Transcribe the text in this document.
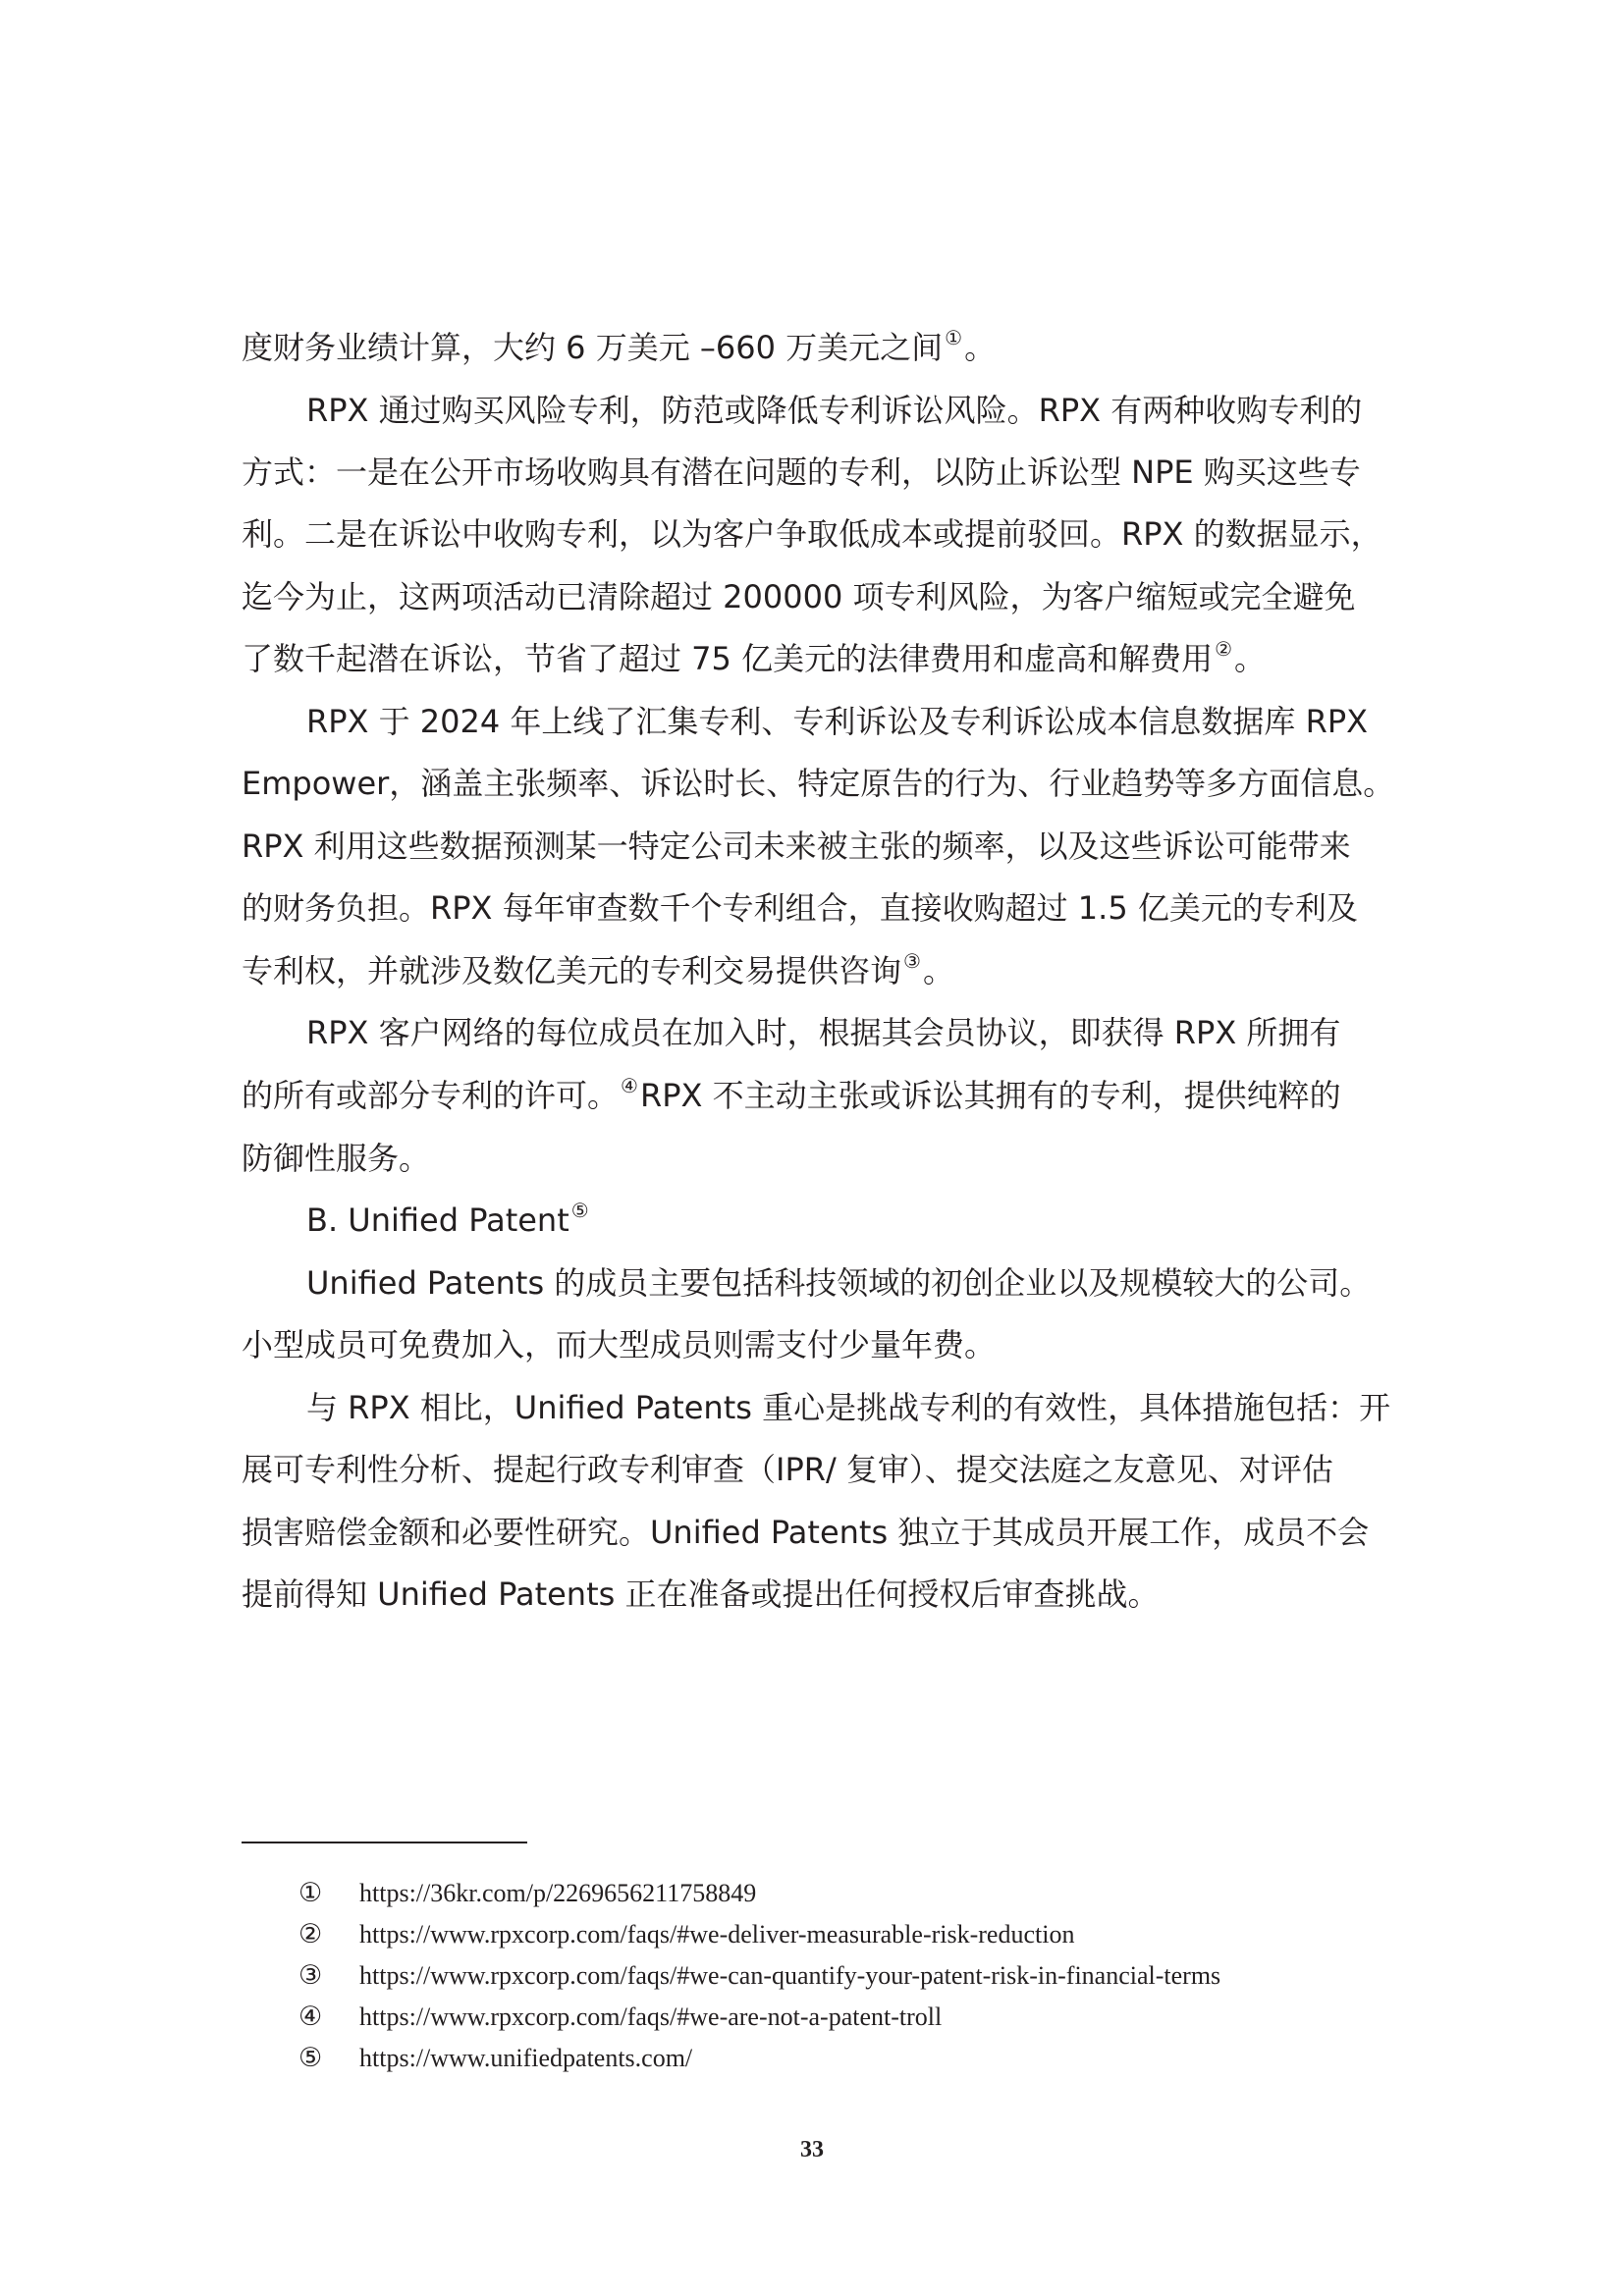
度财务业绩计算，大约 6 万美元 –660 万美元之间 ①。
RPX 通过购买风险专利，防范或降低专利诉讼风险。RPX 有两种收购专利的
方式：一是在公开市场收购具有潜在问题的专利，以防止诉讼型 NPE 购买这些专
利。二是在诉讼中收购专利，以为客户争取低成本或提前驳回。RPX 的数据显示，
迄今为止，这两项活动已清除超过 200000 项专利风险，为客户缩短或完全避免
了数千起潜在诉讼，节省了超过 75 亿美元的法律费用和虚高和解费用 ②。
RPX 于 2024 年上线了汇集专利、专利诉讼及专利诉讼成本信息数据库 RPX
Empower，涵盖主张频率、诉讼时长、特定原告的行为、行业趋势等多方面信息。
RPX 利用这些数据预测某一特定公司未来被主张的频率，以及这些诉讼可能带来
的财务负担。RPX 每年审查数千个专利组合，直接收购超过 1.5 亿美元的专利及
专利权，并就涉及数亿美元的专利交易提供咨询 ③。
RPX 客户网络的每位成员在加入时，根据其会员协议，即获得 RPX 所拥有
的所有或部分专利的许可。 ④RPX 不主动主张或诉讼其拥有的专利，提供纯粹的
防御性服务。
B. Unified Patent ⑤
Unified Patents 的成员主要包括科技领域的初创企业以及规模较大的公司。
小型成员可免费加入，而大型成员则需支付少量年费。
与 RPX 相比，Unified Patents 重心是挑战专利的有效性，具体措施包括：开
展可专利性分析、提起行政专利审查（IPR/ 复审）、提交法庭之友意见、对评估
损害赔偿金额和必要性研究。Unified Patents 独立于其成员开展工作，成员不会
提前得知 Unified Patents 正在准备或提出任何授权后审查挑战。
① https://36kr.com/p/2269656211758849
② https://www.rpxcorp.com/faqs/#we-deliver-measurable-risk-reduction
③ https://www.rpxcorp.com/faqs/#we-can-quantify-your-patent-risk-in-financial-terms
④ https://www.rpxcorp.com/faqs/#we-are-not-a-patent-troll
⑤ https://www.unifiedpatents.com/
33
